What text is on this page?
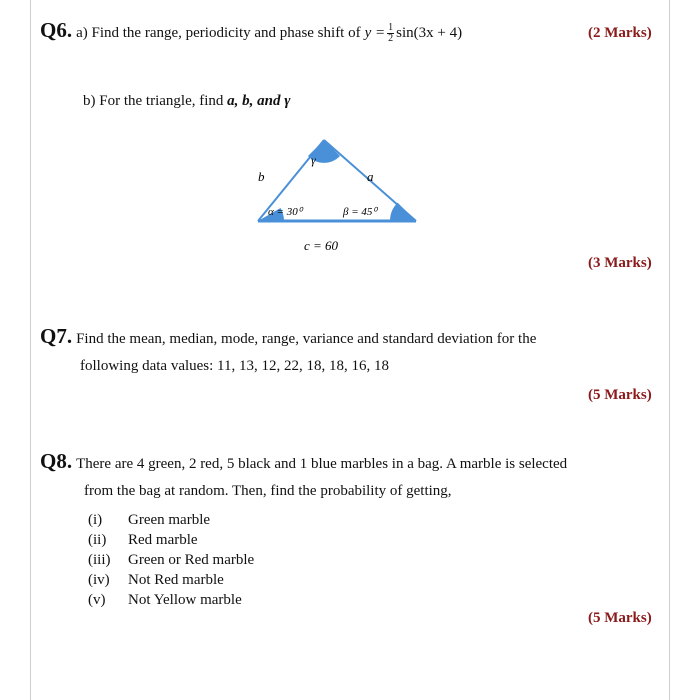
Q6. a) Find the range, periodicity and phase shift of $y = \frac{1}{2} \sin(3x + 4)$	(2 Marks)
b) For the triangle, find a, b, and γ
γ
b	a
α = 30⁰	β = 45⁰
c = 60
(3 Marks)
Q7. Find the mean, median, mode, range, variance and standard deviation for the
following data values: 11, 13, 12, 22, 18, 18, 16, 18
(5 Marks)
Q8. There are 4 green, 2 red, 5 black and 1 blue marbles in a bag. A marble is selected
from the bag at random. Then, find the probability of getting,
(i) Green marble
(ii) Red marble
(iii) Green or Red marble
(iv) Not Red marble
(v) Not Yellow marble
(5 Marks)
